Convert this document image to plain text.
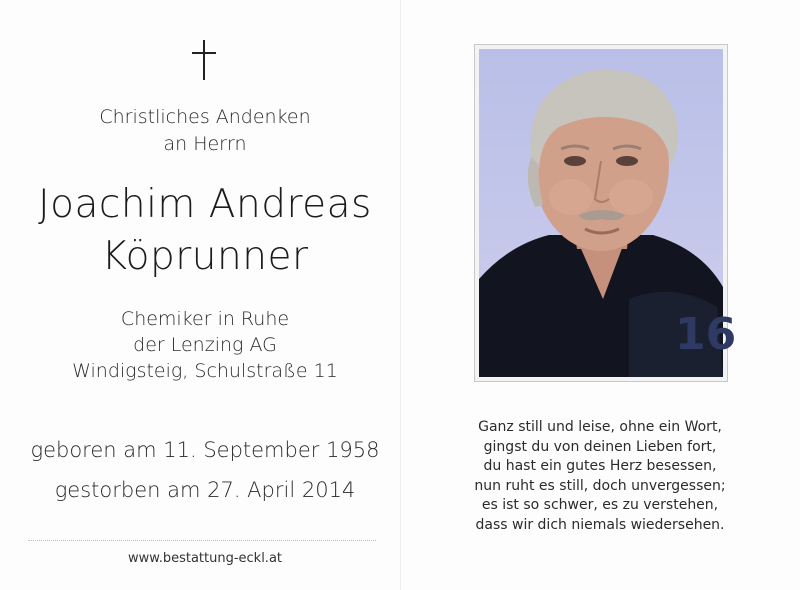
Christliches Andenken
an Herrn
Joachim Andreas
Köprunner
Chemiker in Ruhe
der Lenzing AG
Windigsteig, Schulstraße 11
geboren am 11. September 1958
gestorben am 27. April 2014
www.bestattung-eckl.at
16
Ganz still und leise, ohne ein Wort,
gingst du von deinen Lieben fort,
du hast ein gutes Herz besessen,
nun ruht es still, doch unvergessen;
es ist so schwer, es zu verstehen,
dass wir dich niemals wiedersehen.
